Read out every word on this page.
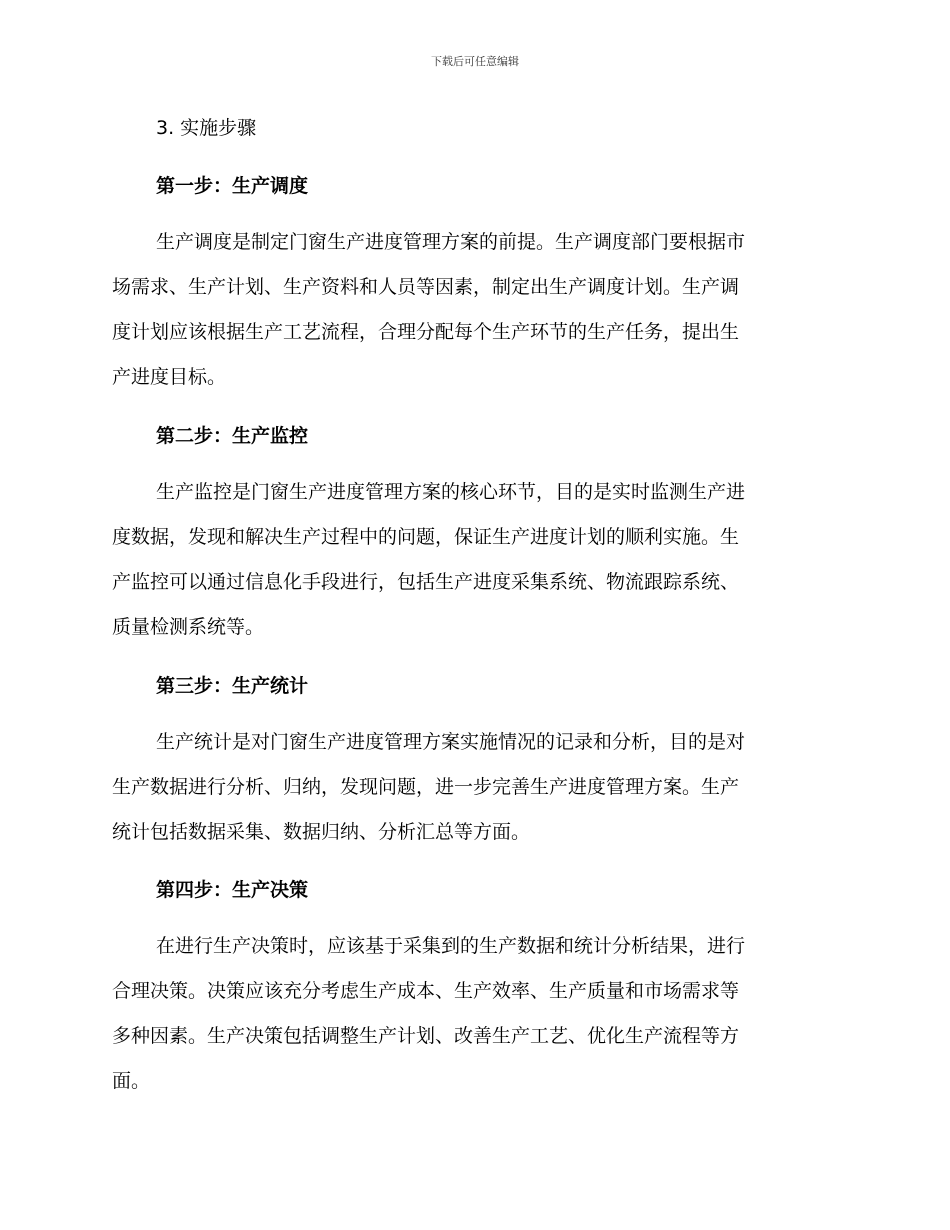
下载后可任意编辑
3. 实施步骤
第一步：生产调度
生产调度是制定门窗生产进度管理方案的前提。生产调度部门要根据市
场需求、生产计划、生产资料和人员等因素，制定出生产调度计划。生产调
度计划应该根据生产工艺流程，合理分配每个生产环节的生产任务，提出生
产进度目标。
第二步：生产监控
生产监控是门窗生产进度管理方案的核心环节，目的是实时监测生产进
度数据，发现和解决生产过程中的问题，保证生产进度计划的顺利实施。生
产监控可以通过信息化手段进行，包括生产进度采集系统、物流跟踪系统、
质量检测系统等。
第三步：生产统计
生产统计是对门窗生产进度管理方案实施情况的记录和分析，目的是对
生产数据进行分析、归纳，发现问题，进一步完善生产进度管理方案。生产
统计包括数据采集、数据归纳、分析汇总等方面。
第四步：生产决策
在进行生产决策时，应该基于采集到的生产数据和统计分析结果，进行
合理决策。决策应该充分考虑生产成本、生产效率、生产质量和市场需求等
多种因素。生产决策包括调整生产计划、改善生产工艺、优化生产流程等方
面。
